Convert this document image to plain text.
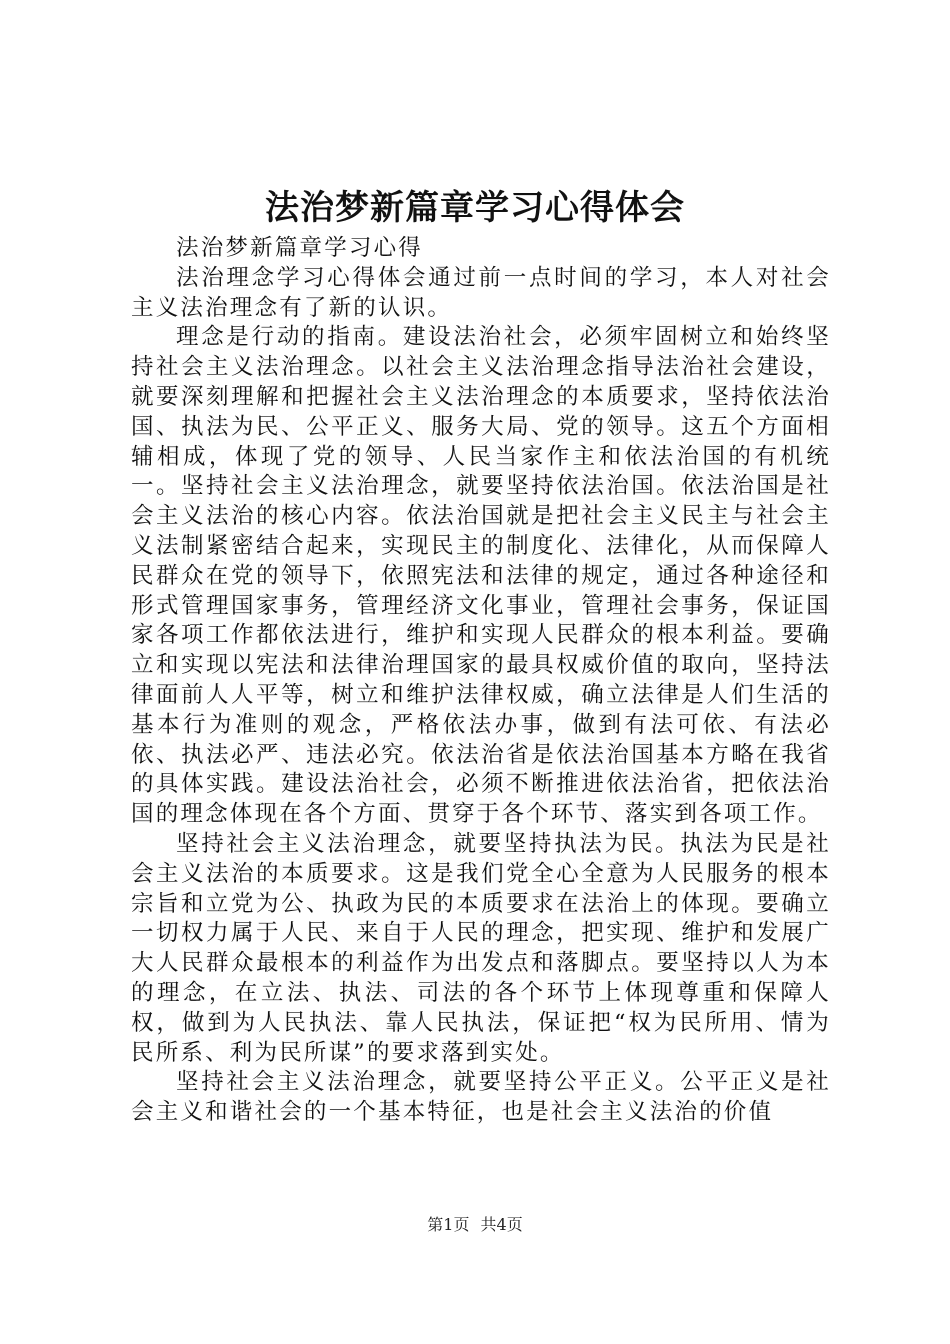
法治梦新篇章学习心得体会

法治梦新篇章学习心得

法治理念学习心得体会通过前一点时间的学习，本人对社会主义法治理念有了新的认识。

理念是行动的指南。建设法治社会，必须牢固树立和始终坚持社会主义法治理念。以社会主义法治理念指导法治社会建设，就要深刻理解和把握社会主义法治理念的本质要求，坚持依法治国、执法为民、公平正义、服务大局、党的领导。这五个方面相辅相成，体现了党的领导、人民当家作主和依法治国的有机统一。坚持社会主义法治理念，就要坚持依法治国。依法治国是社会主义法治的核心内容。依法治国就是把社会主义民主与社会主义法制紧密结合起来，实现民主的制度化、法律化，从而保障人民群众在党的领导下，依照宪法和法律的规定，通过各种途径和形式管理国家事务，管理经济文化事业，管理社会事务，保证国家各项工作都依法进行，维护和实现人民群众的根本利益。要确立和实现以宪法和法律治理国家的最具权威价值的取向，坚持法律面前人人平等，树立和维护法律权威，确立法律是人们生活的基本行为准则的观念，严格依法办事，做到有法可依、有法必依、执法必严、违法必究。依法治省是依法治国基本方略在我省的具体实践。建设法治社会，必须不断推进依法治省，把依法治国的理念体现在各个方面、贯穿于各个环节、落实到各项工作。

坚持社会主义法治理念，就要坚持执法为民。执法为民是社会主义法治的本质要求。这是我们党全心全意为人民服务的根本宗旨和立党为公、执政为民的本质要求在法治上的体现。要确立一切权力属于人民、来自于人民的理念，把实现、维护和发展广大人民群众最根本的利益作为出发点和落脚点。要坚持以人为本的理念，在立法、执法、司法的各个环节上体现尊重和保障人权，做到为人民执法、靠人民执法，保证把“权为民所用、情为民所系、利为民所谋”的要求落到实处。

坚持社会主义法治理念，就要坚持公平正义。公平正义是社会主义和谐社会的一个基本特征，也是社会主义法治的价值

第1页 共4页
